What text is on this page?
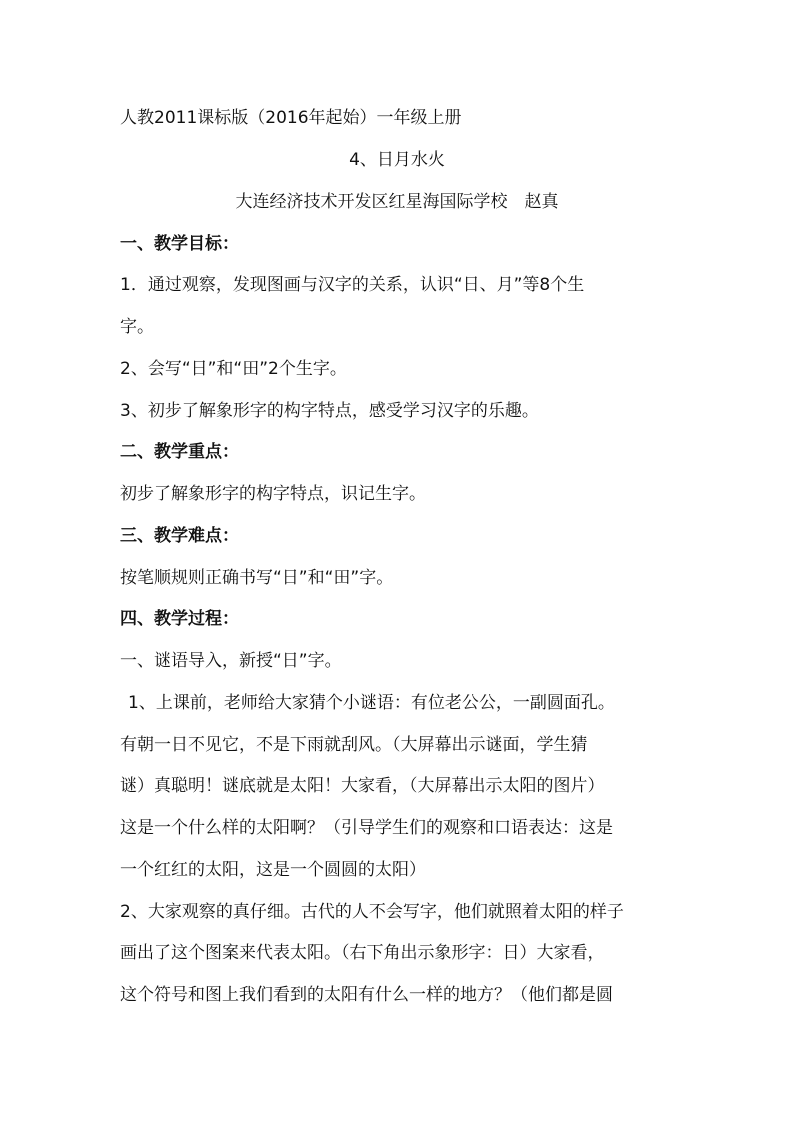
人教2011课标版（2016年起始）一年级上册
4、日月水火
大连经济技术开发区红星海国际学校　赵真
一、教学目标：
1．通过观察，发现图画与汉字的关系，认识“日、月”等8个生
字。
2、会写“日”和“田”2个生字。
3、初步了解象形字的构字特点，感受学习汉字的乐趣。
二、教学重点：
初步了解象形字的构字特点，识记生字。
三、教学难点：
按笔顺规则正确书写“日”和“田”字。
四、教学过程：
一、谜语导入，新授“日”字。
1、上课前，老师给大家猜个小谜语：有位老公公，一副圆面孔。
有朝一日不见它，不是下雨就刮风。（大屏幕出示谜面，学生猜
谜）真聪明！谜底就是太阳！大家看，（大屏幕出示太阳的图片）
这是一个什么样的太阳啊？（引导学生们的观察和口语表达：这是
一个红红的太阳，这是一个圆圆的太阳）
2、大家观察的真仔细。古代的人不会写字，他们就照着太阳的样子
画出了这个图案来代表太阳。（右下角出示象形字：日）大家看，
这个符号和图上我们看到的太阳有什么一样的地方？（他们都是圆
